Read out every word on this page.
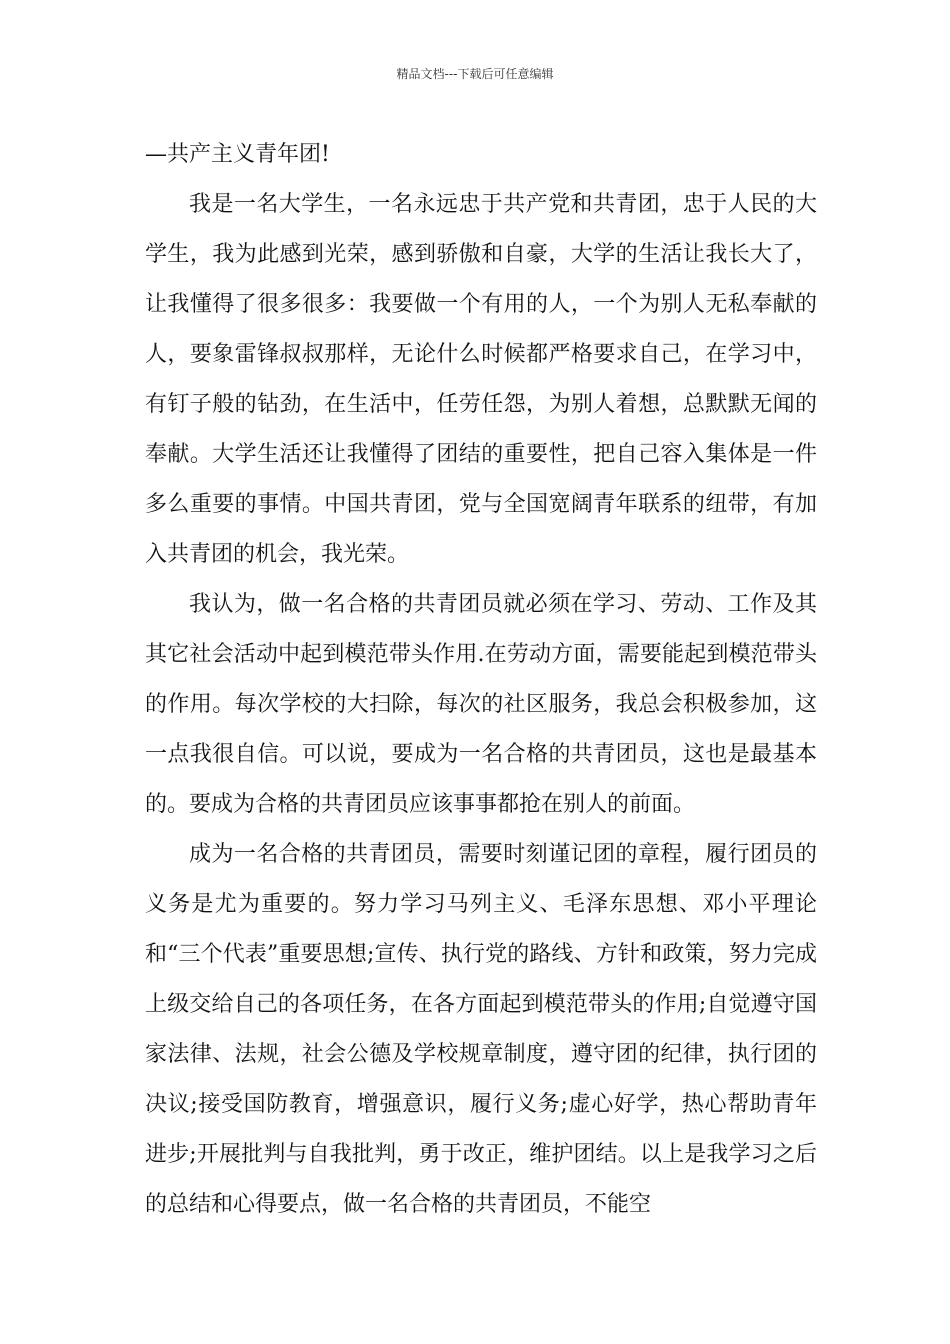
精品文档---下载后可任意编辑

—共产主义青年团!

我是一名大学生，一名永远忠于共产党和共青团，忠于人民的大学生，我为此感到光荣，感到骄傲和自豪，大学的生活让我长大了，让我懂得了很多很多：我要做一个有用的人，一个为别人无私奉献的人，要象雷锋叔叔那样，无论什么时候都严格要求自己，在学习中，有钉子般的钻劲，在生活中，任劳任怨，为别人着想，总默默无闻的奉献。大学生活还让我懂得了团结的重要性，把自己容入集体是一件多么重要的事情。中国共青团，党与全国宽阔青年联系的纽带，有加入共青团的机会，我光荣。

我认为，做一名合格的共青团员就必须在学习、劳动、工作及其其它社会活动中起到模范带头作用.在劳动方面，需要能起到模范带头的作用。每次学校的大扫除，每次的社区服务，我总会积极参加，这一点我很自信。可以说，要成为一名合格的共青团员，这也是最基本的。要成为合格的共青团员应该事事都抢在别人的前面。

成为一名合格的共青团员，需要时刻谨记团的章程，履行团员的义务是尤为重要的。努力学习马列主义、毛泽东思想、邓小平理论和“三个代表”重要思想;宣传、执行党的路线、方针和政策，努力完成上级交给自己的各项任务，在各方面起到模范带头的作用;自觉遵守国家法律、法规，社会公德及学校规章制度，遵守团的纪律，执行团的决议;接受国防教育，增强意识，履行义务;虚心好学，热心帮助青年进步;开展批判与自我批判，勇于改正，维护团结。以上是我学习之后的总结和心得要点，做一名合格的共青团员，不能空
